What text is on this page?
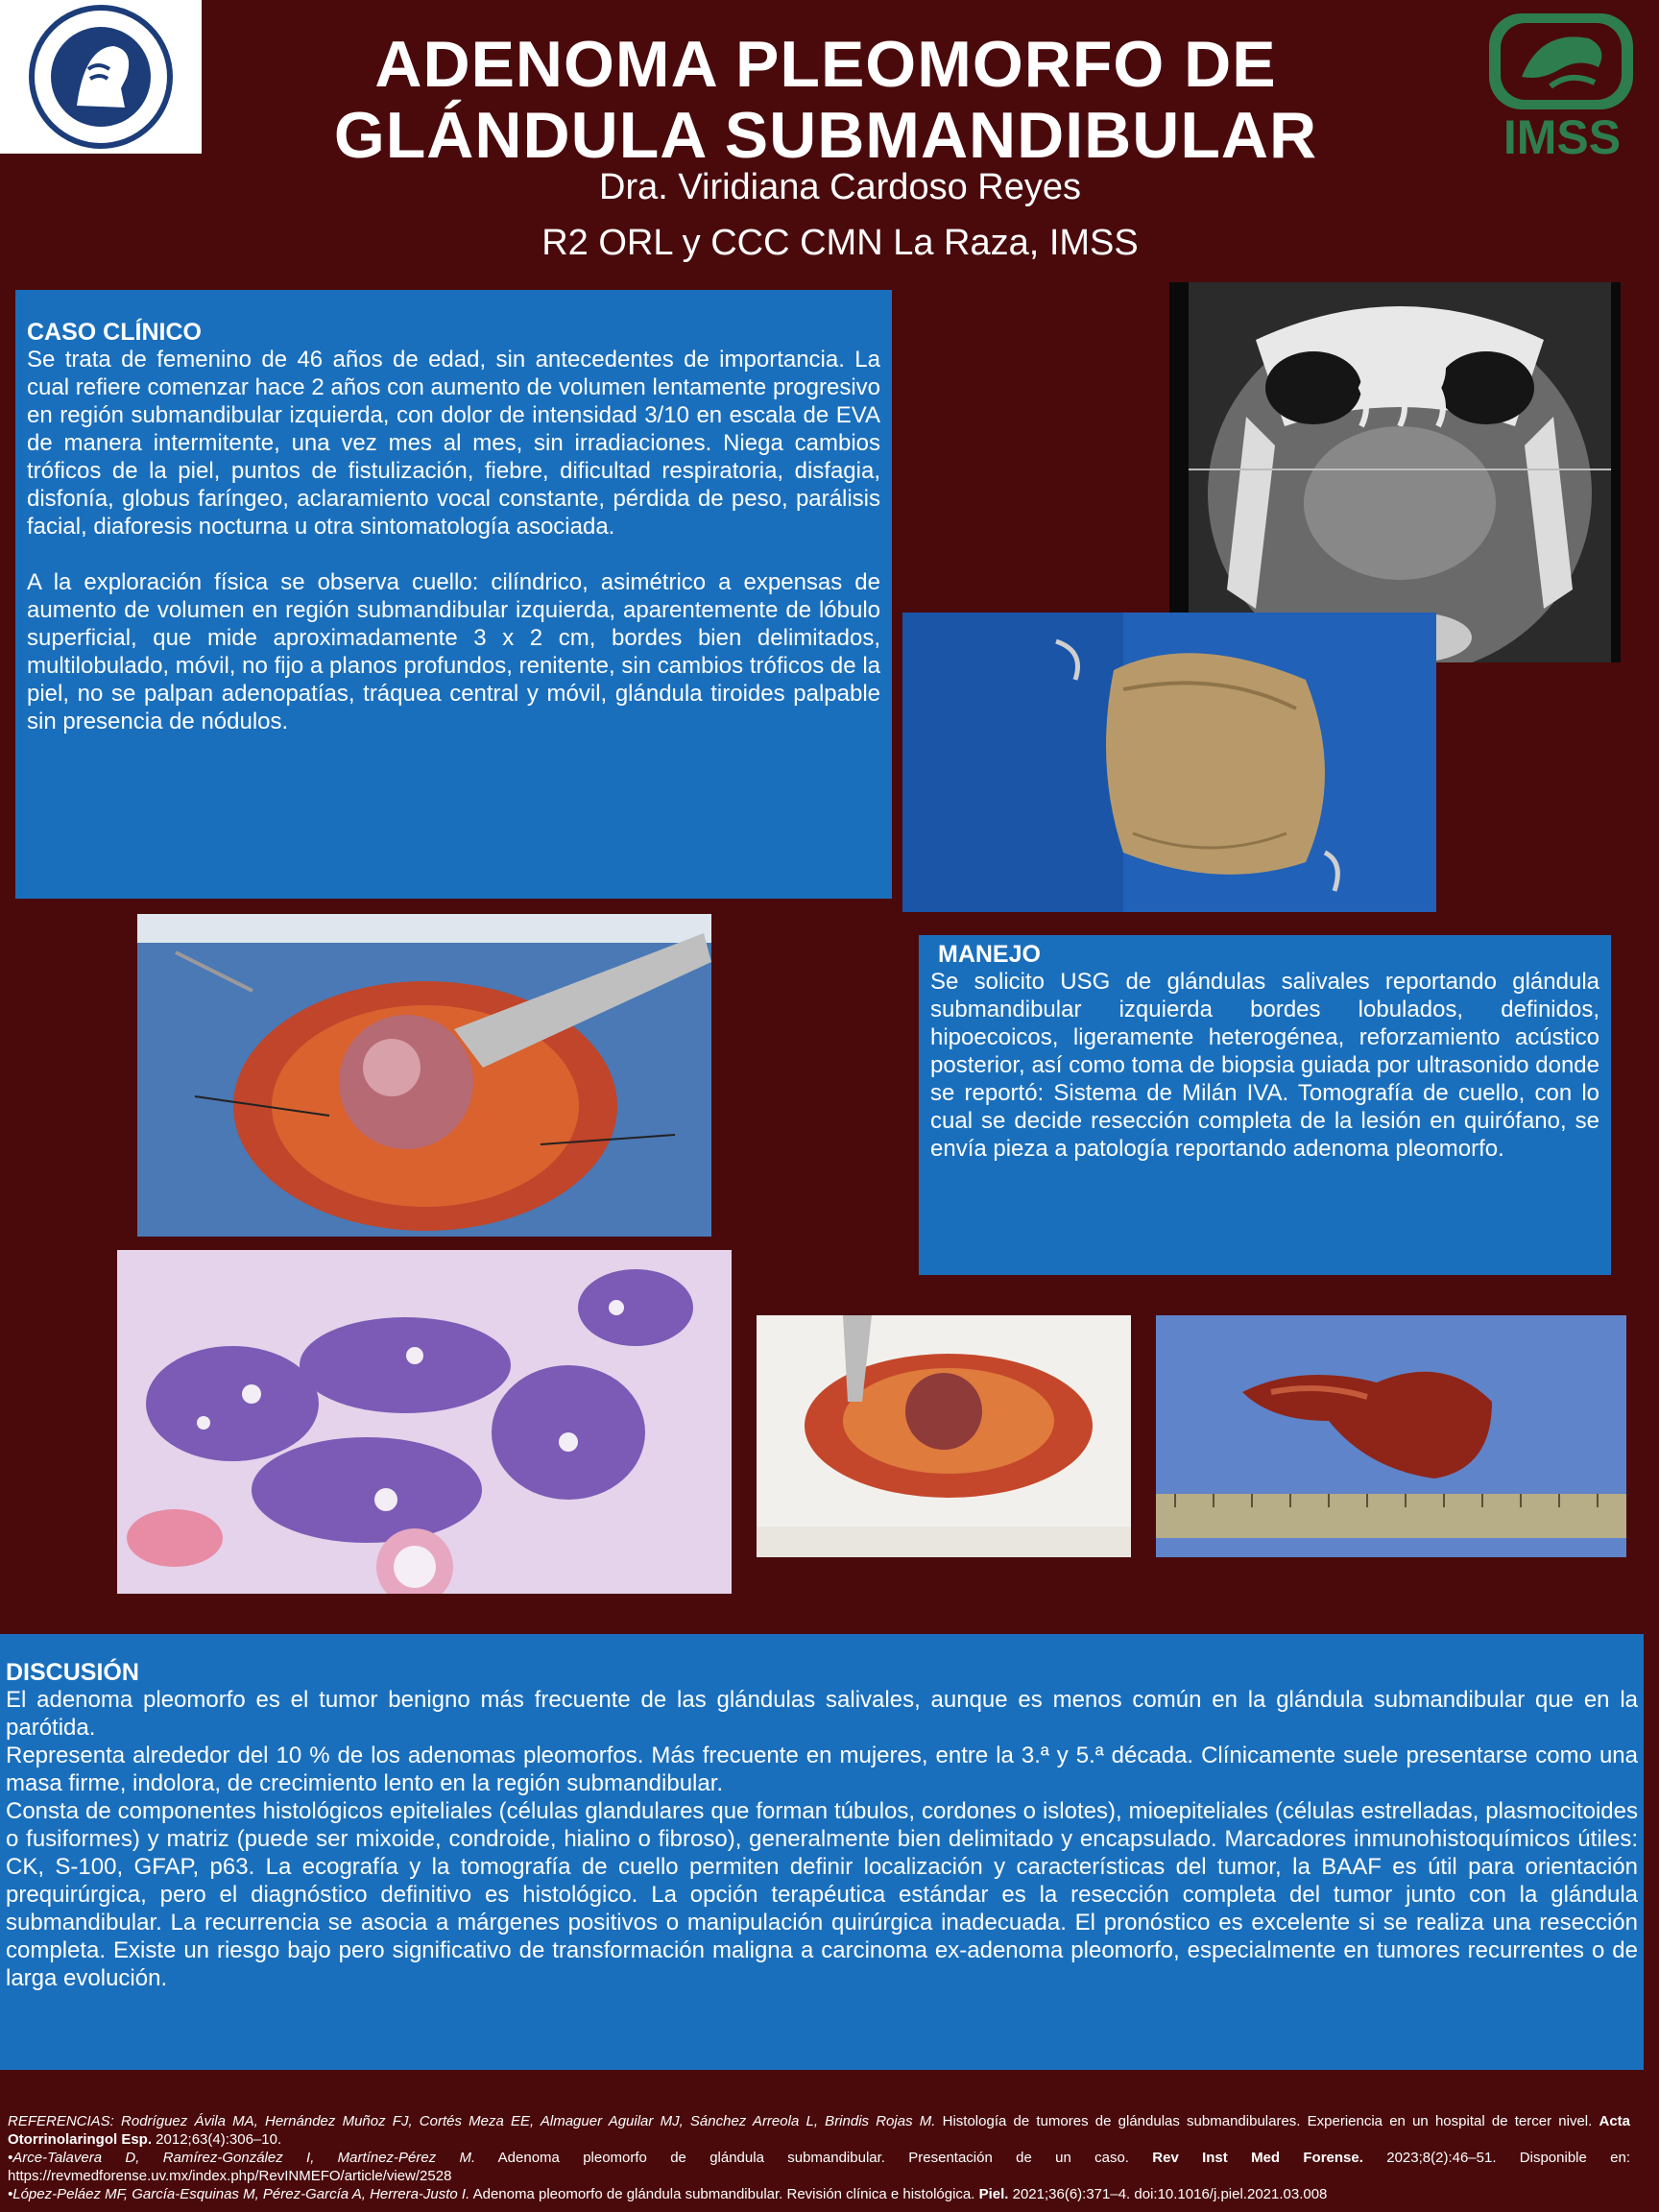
IMSS
ADENOMA PLEOMORFO DE
GLÁNDULA SUBMANDIBULAR
Dra. Viridiana Cardoso Reyes
R2 ORL y CCC CMN La Raza, IMSS
CASO CLÍNICO

Se trata de femenino de 46 años de edad, sin antecedentes de importancia. La cual refiere comenzar hace 2 años con aumento de volumen lentamente progresivo en región submandibular izquierda, con dolor de intensidad 3/10 en escala de EVA de manera intermitente, una vez mes al mes, sin irradiaciones. Niega cambios tróficos de la piel, puntos de fistulización, fiebre, dificultad respiratoria, disfagia, disfonía, globus faríngeo, aclaramiento vocal constante, pérdida de peso, parálisis facial, diaforesis nocturna u otra sintomatología asociada.

A la exploración física se observa cuello: cilíndrico, asimétrico a expensas de aumento de volumen en región submandibular izquierda, aparentemente de lóbulo superficial, que mide aproximadamente 3 x 2 cm, bordes bien delimitados, multilobulado, móvil, no fijo a planos profundos, renitente, sin cambios tróficos de la piel, no se palpan adenopatías, tráquea central y móvil, glándula tiroides palpable sin presencia de nódulos.

MANEJO

Se solicito USG de glándulas salivales reportando glándula submandibular izquierda bordes lobulados, definidos, hipoecoicos, ligeramente heterogénea, reforzamiento acústico posterior, así como toma de biopsia guiada por ultrasonido donde se reportó: Sistema de Milán IVA. Tomografía de cuello, con lo cual se decide resección completa de la lesión en quirófano, se envía pieza a patología reportando adenoma pleomorfo.

DISCUSIÓN

El adenoma pleomorfo es el tumor benigno más frecuente de las glándulas salivales, aunque es menos común en la glándula submandibular que en la parótida.

Representa alrededor del 10 % de los adenomas pleomorfos. Más frecuente en mujeres, entre la 3.ª y 5.ª década. Clínicamente suele presentarse como una masa firme, indolora, de crecimiento lento en la región submandibular.

Consta de componentes histológicos epiteliales (células glandulares que forman túbulos, cordones o islotes), mioepiteliales (células estrelladas, plasmocitoides o fusiformes) y matriz (puede ser mixoide, condroide, hialino o fibroso), generalmente bien delimitado y encapsulado. Marcadores inmunohistoquímicos útiles: CK, S-100, GFAP, p63. La ecografía y la tomografía de cuello permiten definir localización y características del tumor, la BAAF es útil para orientación prequirúrgica, pero el diagnóstico definitivo es histológico. La opción terapéutica estándar es la resección completa del tumor junto con la glándula submandibular. La recurrencia se asocia a márgenes positivos o manipulación quirúrgica inadecuada. El pronóstico es excelente si se realiza una resección completa. Existe un riesgo bajo pero significativo de transformación maligna a carcinoma ex-adenoma pleomorfo, especialmente en tumores recurrentes o de larga evolución.

REFERENCIAS: Rodríguez Ávila MA, Hernández Muñoz FJ, Cortés Meza EE, Almaguer Aguilar MJ, Sánchez Arreola L, Brindis Rojas M. Histología de tumores de glándulas submandibulares. Experiencia en un hospital de tercer nivel. Acta Otorrinolaringol Esp. 2012;63(4):306–10.
•Arce-Talavera D, Ramírez-González I, Martínez-Pérez M. Adenoma pleomorfo de glándula submandibular. Presentación de un caso. Rev Inst Med Forense. 2023;8(2):46–51. Disponible en: https://revmedforense.uv.mx/index.php/RevINMEFO/article/view/2528
•López-Peláez MF, García-Esquinas M, Pérez-García A, Herrera-Justo I. Adenoma pleomorfo de glándula submandibular. Revisión clínica e histológica. Piel. 2021;36(6):371–4. doi:10.1016/j.piel.2021.03.008
